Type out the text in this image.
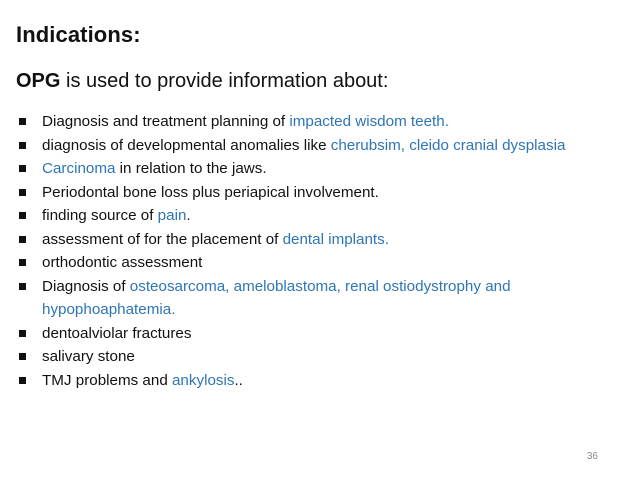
Indications:
OPG is used to provide information about:
Diagnosis and treatment planning of impacted wisdom teeth.
diagnosis of developmental anomalies like cherubsim, cleido cranial dysplasia
Carcinoma in relation to the jaws.
Periodontal bone loss plus periapical involvement.
finding source of pain.
assessment of for the placement of dental implants.
orthodontic assessment
Diagnosis of osteosarcoma, ameloblastoma, renal ostiodystrophy and hypophoaphatemia.
dentoalviolar fractures
salivary stone
TMJ problems and ankylosis..
36
